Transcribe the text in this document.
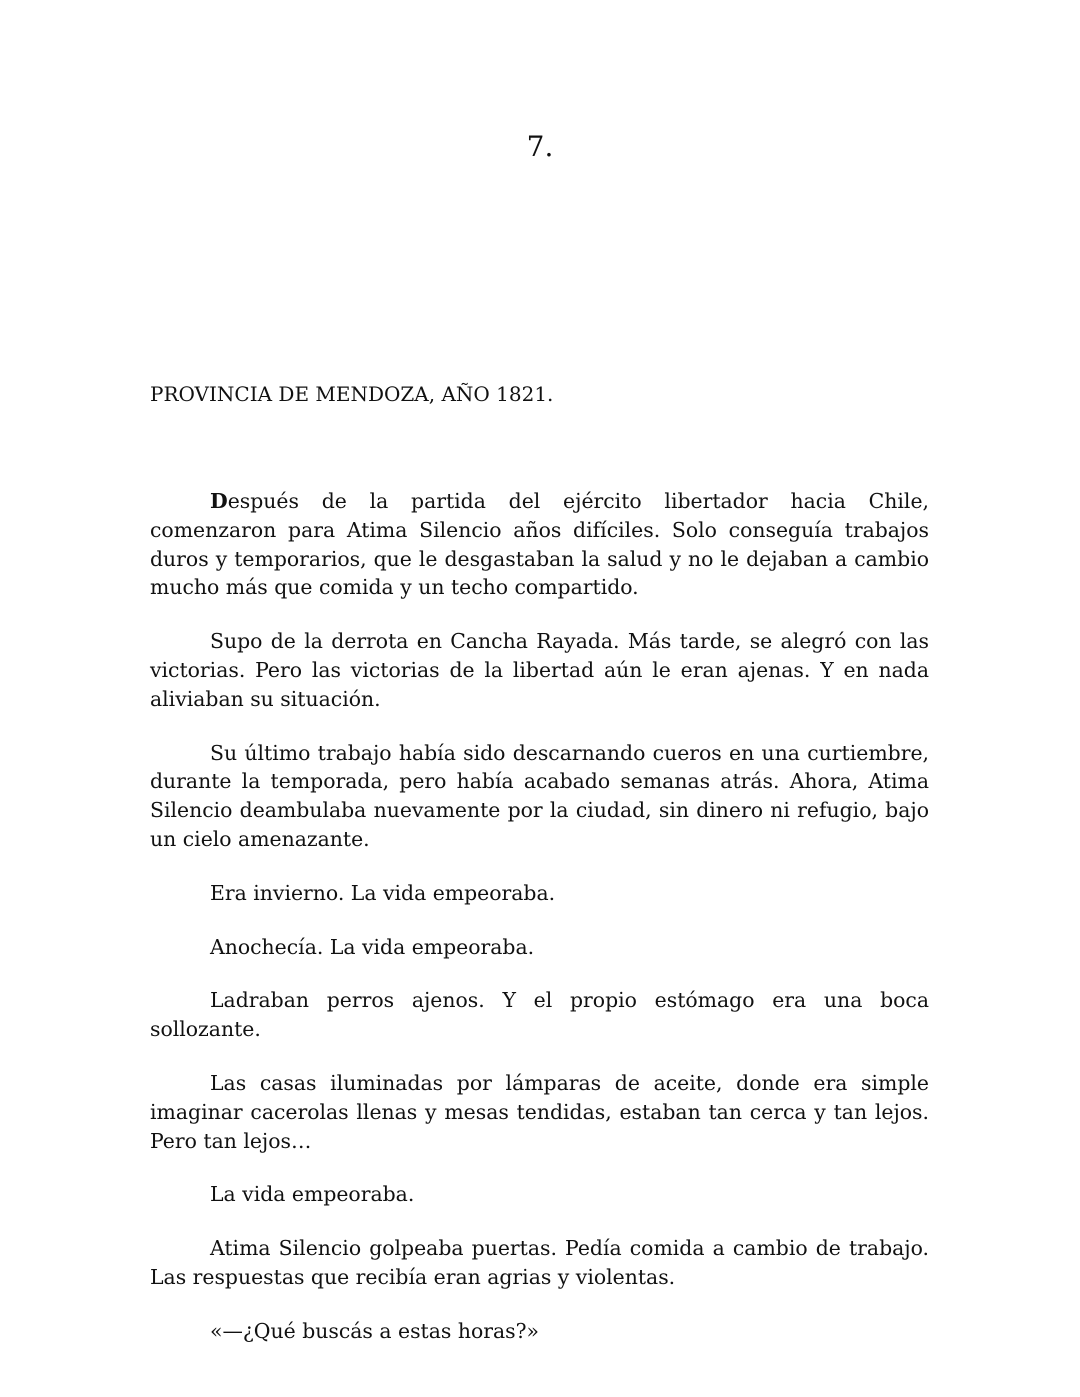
7.
PROVINCIA DE MENDOZA, AÑO 1821.

Después de la partida del ejército libertador hacia Chile, comenzaron para Atima Silencio años difíciles. Solo conseguía trabajos duros y temporarios, que le desgastaban la salud y no le dejaban a cambio mucho más que comida y un techo compartido.

Supo de la derrota en Cancha Rayada. Más tarde, se alegró con las victorias. Pero las victorias de la libertad aún le eran ajenas. Y en nada aliviaban su situación.

Su último trabajo había sido descarnando cueros en una curtiembre, durante la temporada, pero había acabado semanas atrás. Ahora, Atima Silencio deambulaba nuevamente por la ciudad, sin dinero ni refugio, bajo un cielo amenazante.

Era invierno. La vida empeoraba.

Anochecía. La vida empeoraba.

Ladraban perros ajenos. Y el propio estómago era una boca sollozante.

Las casas iluminadas por lámparas de aceite, donde era simple imaginar cacerolas llenas y mesas tendidas, estaban tan cerca y tan lejos. Pero tan lejos…

La vida empeoraba.

Atima Silencio golpeaba puertas. Pedía comida a cambio de trabajo. Las respuestas que recibía eran agrias y violentas.

«—¿Qué buscás a estas horas?»
